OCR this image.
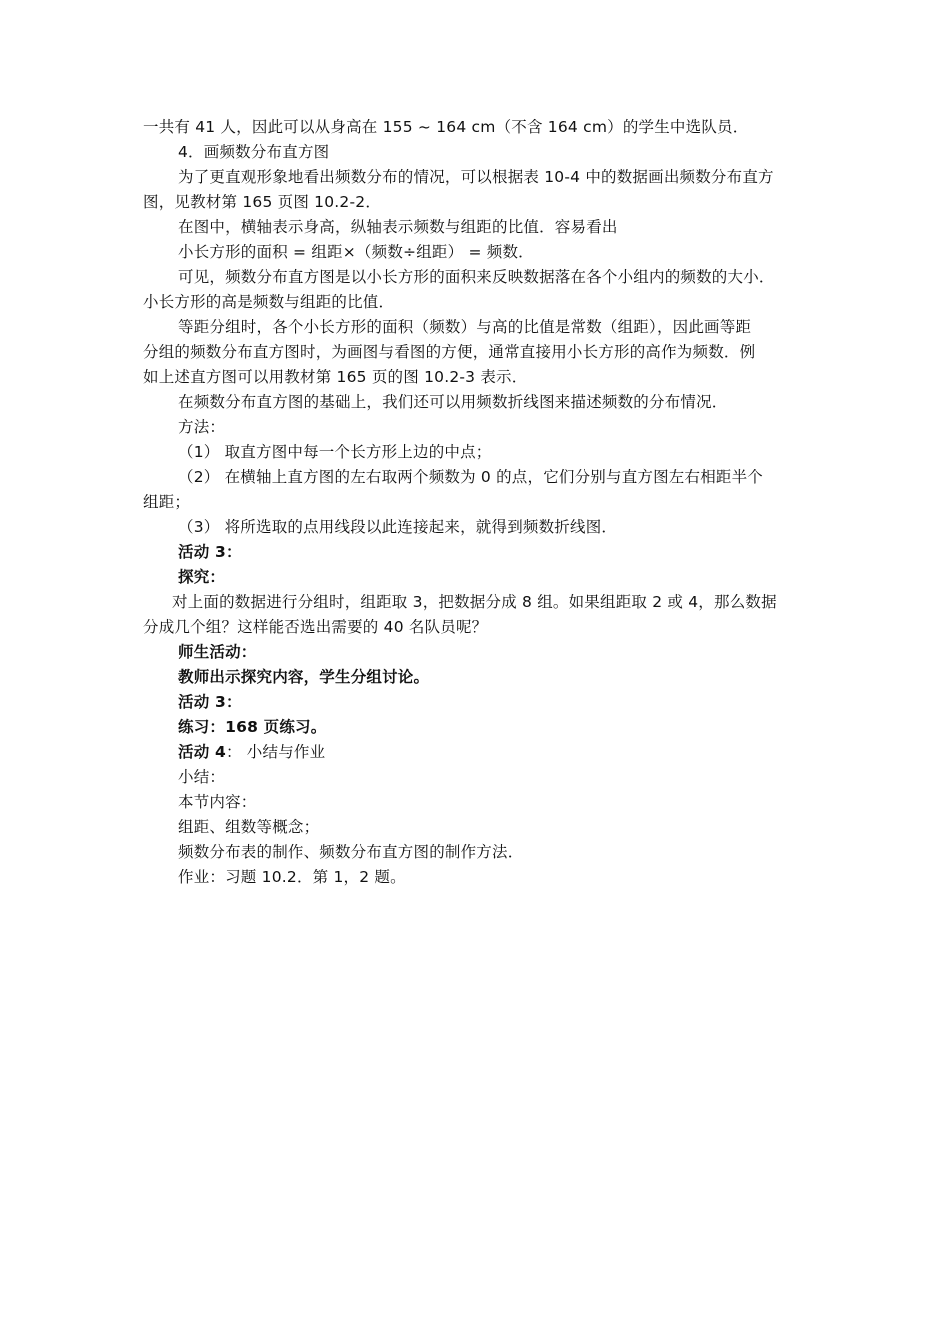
一共有 41 人，因此可以从身高在 155 ~ 164 cm（不含 164 cm）的学生中选队员．
4．画频数分布直方图
为了更直观形象地看出频数分布的情况，可以根据表 10-4 中的数据画出频数分布直方
图，见教材第 165 页图 10.2-2．
在图中，横轴表示身高，纵轴表示频数与组距的比值．容易看出
小长方形的面积 = 组距×（频数÷组距） = 频数．
可见，频数分布直方图是以小长方形的面积来反映数据落在各个小组内的频数的大小．
小长方形的高是频数与组距的比值．
等距分组时，各个小长方形的面积（频数）与高的比值是常数（组距），因此画等距
分组的频数分布直方图时，为画图与看图的方便，通常直接用小长方形的高作为频数．例
如上述直方图可以用教材第 165 页的图 10.2-3 表示．
在频数分布直方图的基础上，我们还可以用频数折线图来描述频数的分布情况．
方法：
（1） 取直方图中每一个长方形上边的中点；
（2） 在横轴上直方图的左右取两个频数为 0 的点，它们分别与直方图左右相距半个
组距；
（3） 将所选取的点用线段以此连接起来，就得到频数折线图．
活动 3：
探究：
对上面的数据进行分组时，组距取 3，把数据分成 8 组。如果组距取 2 或 4，那么数据
分成几个组？这样能否选出需要的 40 名队员呢？
师生活动：
教师出示探究内容，学生分组讨论。
活动 3：
练习：168 页练习。
活动 4： 小结与作业
小结：
本节内容：
组距、组数等概念；
频数分布表的制作、频数分布直方图的制作方法．
作业：习题 10.2．第 1，2 题。
